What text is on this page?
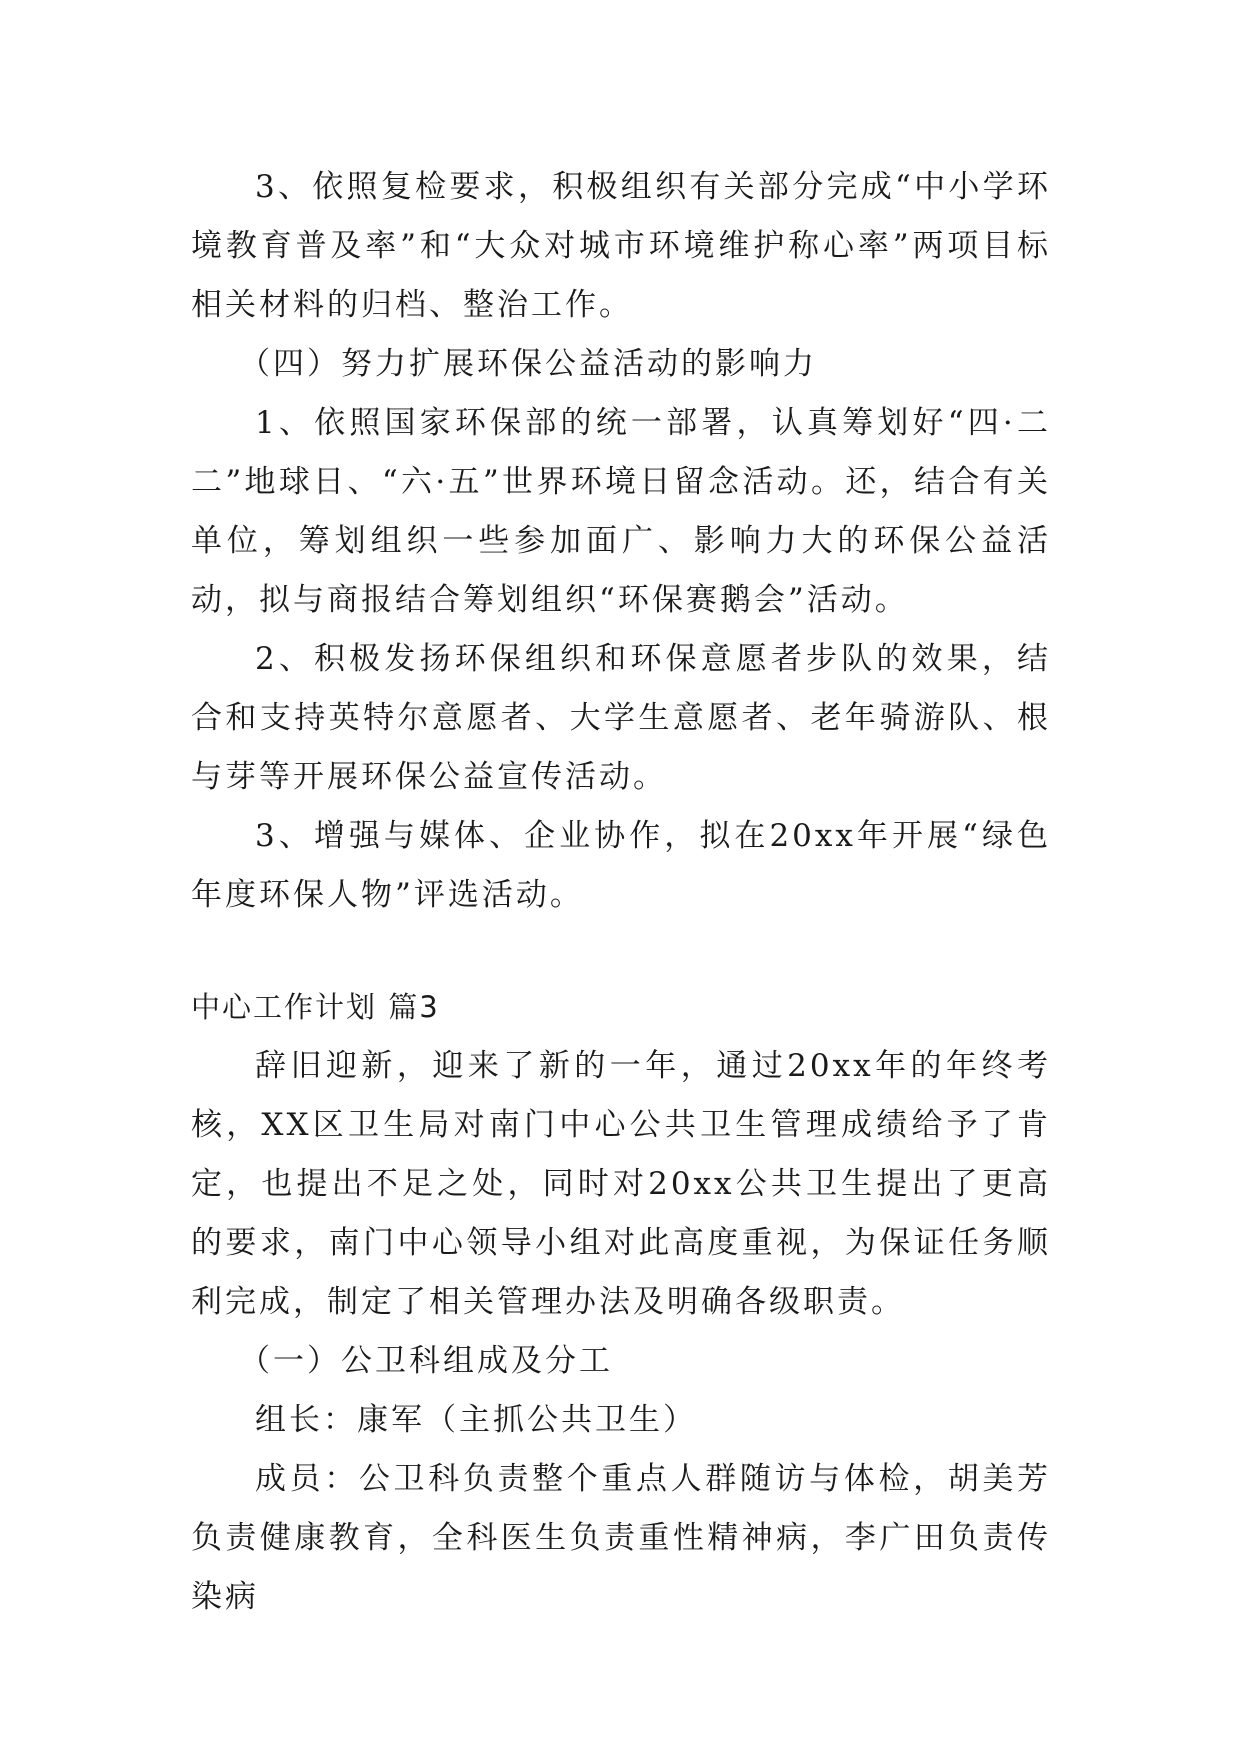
3、依照复检要求，积极组织有关部分完成“中小学环境教育普及率”和“大众对城市环境维护称心率”两项目标相关材料的归档、整治工作。

（四）努力扩展环保公益活动的影响力

1、依照国家环保部的统一部署，认真筹划好“四·二二”地球日、“六·五”世界环境日留念活动。还，结合有关单位，筹划组织一些参加面广、影响力大的环保公益活动，拟与商报结合筹划组织“环保赛鹅会”活动。

2、积极发扬环保组织和环保意愿者步队的效果，结合和支持英特尔意愿者、大学生意愿者、老年骑游队、根与芽等开展环保公益宣传活动。

3、增强与媒体、企业协作，拟在20xx年开展“绿色年度环保人物”评选活动。

中心工作计划 篇3

辞旧迎新，迎来了新的一年，通过20xx年的年终考核，XX区卫生局对南门中心公共卫生管理成绩给予了肯定，也提出不足之处，同时对20xx公共卫生提出了更高的要求，南门中心领导小组对此高度重视，为保证任务顺利完成，制定了相关管理办法及明确各级职责。

（一）公卫科组成及分工

组长：康军（主抓公共卫生）

成员：公卫科负责整个重点人群随访与体检，胡美芳负责健康教育，全科医生负责重性精神病，李广田负责传染病
